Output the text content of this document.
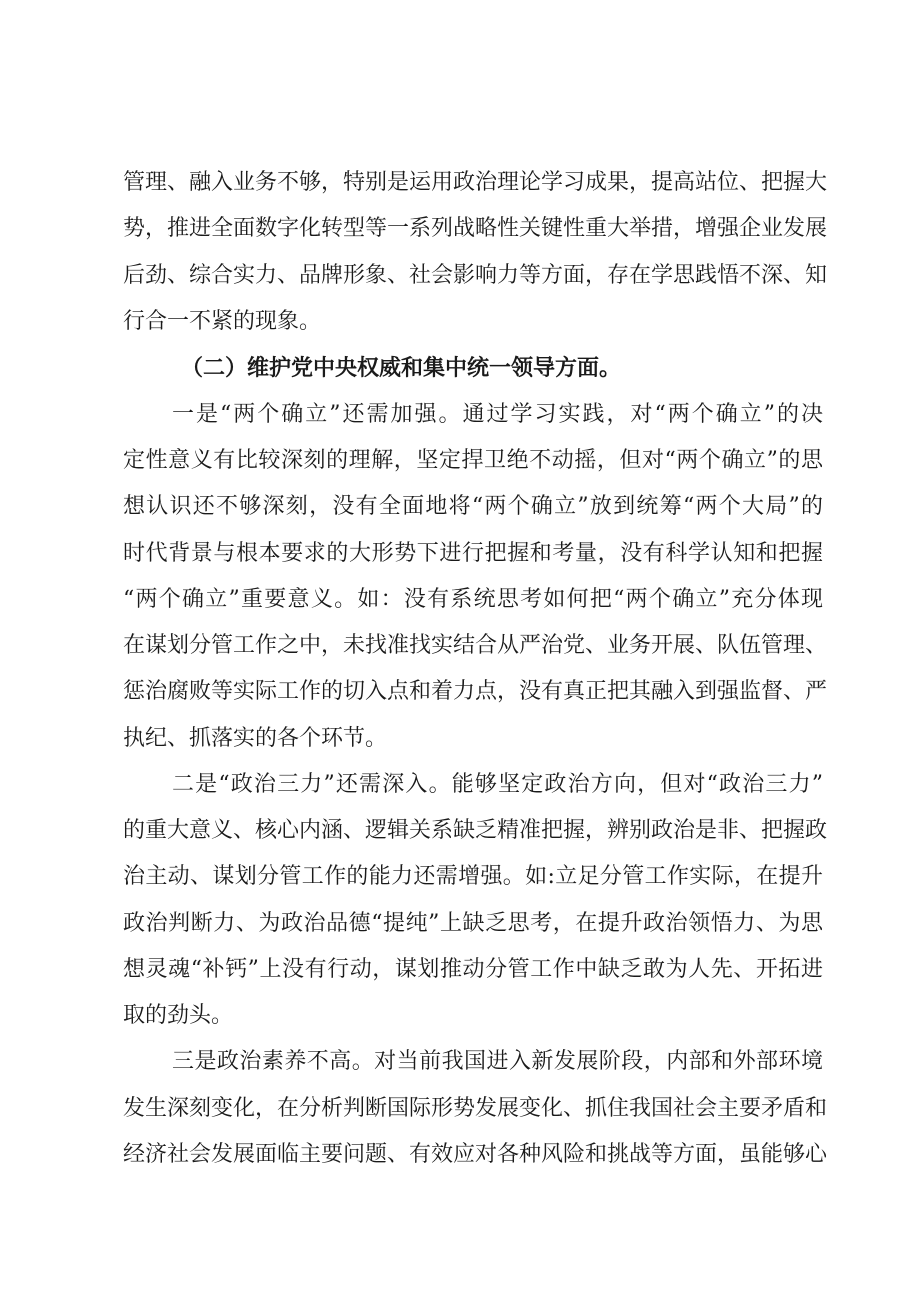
管理、融入业务不够，特别是运用政治理论学习成果，提高站位、把握大
势，推进全面数字化转型等一系列战略性关键性重大举措，增强企业发展
后劲、综合实力、品牌形象、社会影响力等方面，存在学思践悟不深、知
行合一不紧的现象。
（二）维护党中央权威和集中统一领导方面。
一是“两个确立”还需加强。通过学习实践，对“两个确立”的决
定性意义有比较深刻的理解，坚定捍卫绝不动摇，但对“两个确立”的思
想认识还不够深刻，没有全面地将“两个确立”放到统筹“两个大局”的
时代背景与根本要求的大形势下进行把握和考量，没有科学认知和把握
“两个确立”重要意义。如：没有系统思考如何把“两个确立”充分体现
在谋划分管工作之中，未找准找实结合从严治党、业务开展、队伍管理、
惩治腐败等实际工作的切入点和着力点，没有真正把其融入到强监督、严
执纪、抓落实的各个环节。
二是“政治三力”还需深入。能够坚定政治方向，但对“政治三力”
的重大意义、核心内涵、逻辑关系缺乏精准把握，辨别政治是非、把握政
治主动、谋划分管工作的能力还需增强。如:立足分管工作实际，在提升
政治判断力、为政治品德“提纯”上缺乏思考，在提升政治领悟力、为思
想灵魂“补钙”上没有行动，谋划推动分管工作中缺乏敢为人先、开拓进
取的劲头。
三是政治素养不高。对当前我国进入新发展阶段，内部和外部环境
发生深刻变化，在分析判断国际形势发展变化、抓住我国社会主要矛盾和
经济社会发展面临主要问题、有效应对各种风险和挑战等方面，虽能够心
